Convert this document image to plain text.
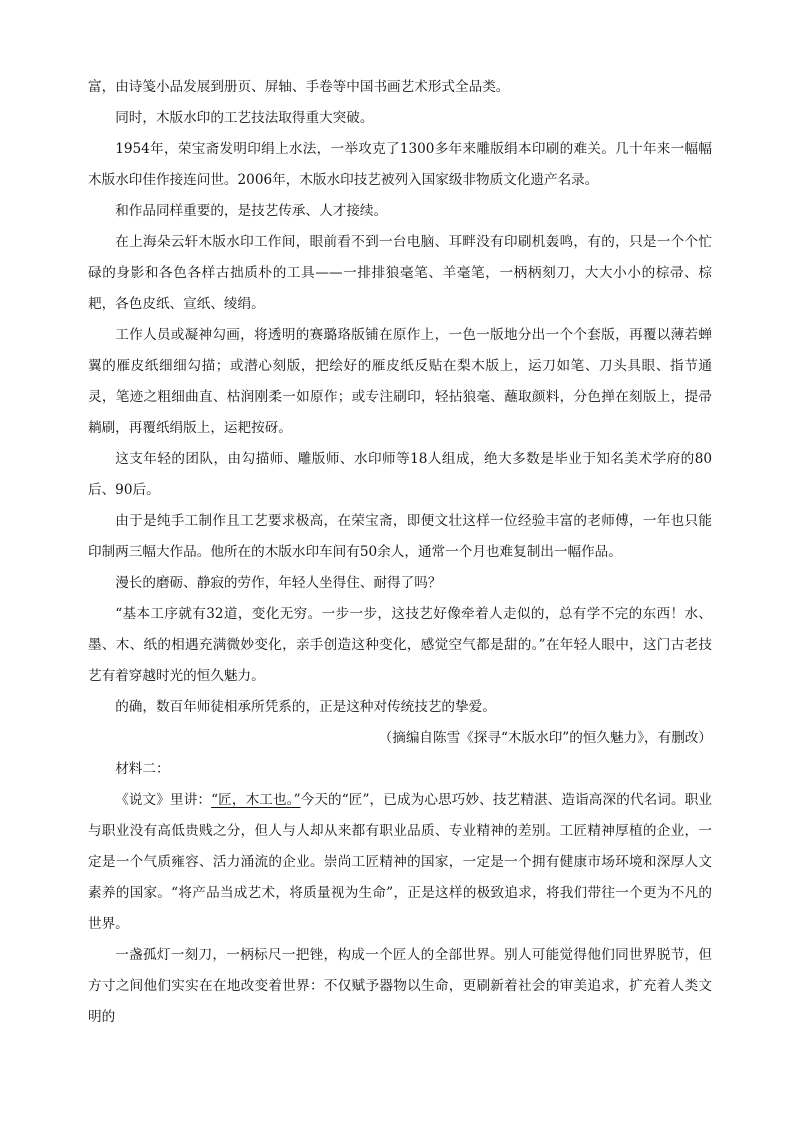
富，由诗笺小品发展到册页、屏轴、手卷等中国书画艺术形式全品类。

同时，木版水印的工艺技法取得重大突破。

1954年，荣宝斋发明印绢上水法，一举攻克了1300多年来雕版绢本印刷的难关。几十年来一幅幅木版水印佳作接连问世。2006年，木版水印技艺被列入国家级非物质文化遗产名录。

和作品同样重要的，是技艺传承、人才接续。

在上海朵云轩木版水印工作间，眼前看不到一台电脑、耳畔没有印刷机轰鸣，有的，只是一个个忙碌的身影和各色各样古拙质朴的工具——一排排狼毫笔、羊毫笔，一柄柄刻刀，大大小小的棕帚、棕耙，各色皮纸、宣纸、绫绢。

工作人员或凝神勾画，将透明的赛璐珞版铺在原作上，一色一版地分出一个个套版，再覆以薄若蝉翼的雁皮纸细细勾描；或潜心刻版，把绘好的雁皮纸反贴在梨木版上，运刀如笔、刀头具眼、指节通灵，笔迹之粗细曲直、枯润刚柔一如原作；或专注刷印，轻拈狼毫、蘸取颜料，分色掸在刻版上，提帚耥刷，再覆纸绢版上，运耙按砑。

这支年轻的团队，由勾描师、雕版师、水印师等18人组成，绝大多数是毕业于知名美术学府的80后、90后。

由于是纯手工制作且工艺要求极高，在荣宝斋，即便文壮这样一位经验丰富的老师傅，一年也只能印制两三幅大作品。他所在的木版水印车间有50余人，通常一个月也难复制出一幅作品。

漫长的磨砺、静寂的劳作，年轻人坐得住、耐得了吗？

“基本工序就有32道，变化无穷。一步一步，这技艺好像牵着人走似的，总有学不完的东西！水、墨、木、纸的相遇充满微妙变化，亲手创造这种变化，感觉空气都是甜的。”在年轻人眼中，这门古老技艺有着穿越时光的恒久魅力。

的确，数百年师徒相承所凭系的，正是这种对传统技艺的挚爱。

（摘编自陈雪《探寻“木版水印”的恒久魅力》，有删改）

材料二：

《说文》里讲：“匠，木工也。”今天的“匠”，已成为心思巧妙、技艺精湛、造诣高深的代名词。职业与职业没有高低贵贱之分，但人与人却从来都有职业品质、专业精神的差别。工匠精神厚植的企业，一定是一个气质雍容、活力涌流的企业。崇尚工匠精神的国家，一定是一个拥有健康市场环境和深厚人文素养的国家。“将产品当成艺术，将质量视为生命”，正是这样的极致追求，将我们带往一个更为不凡的世界。

一盏孤灯一刻刀，一柄标尺一把锉，构成一个匠人的全部世界。别人可能觉得他们同世界脱节，但方寸之间他们实实在在地改变着世界：不仅赋予器物以生命，更刷新着社会的审美追求，扩充着人类文明的
